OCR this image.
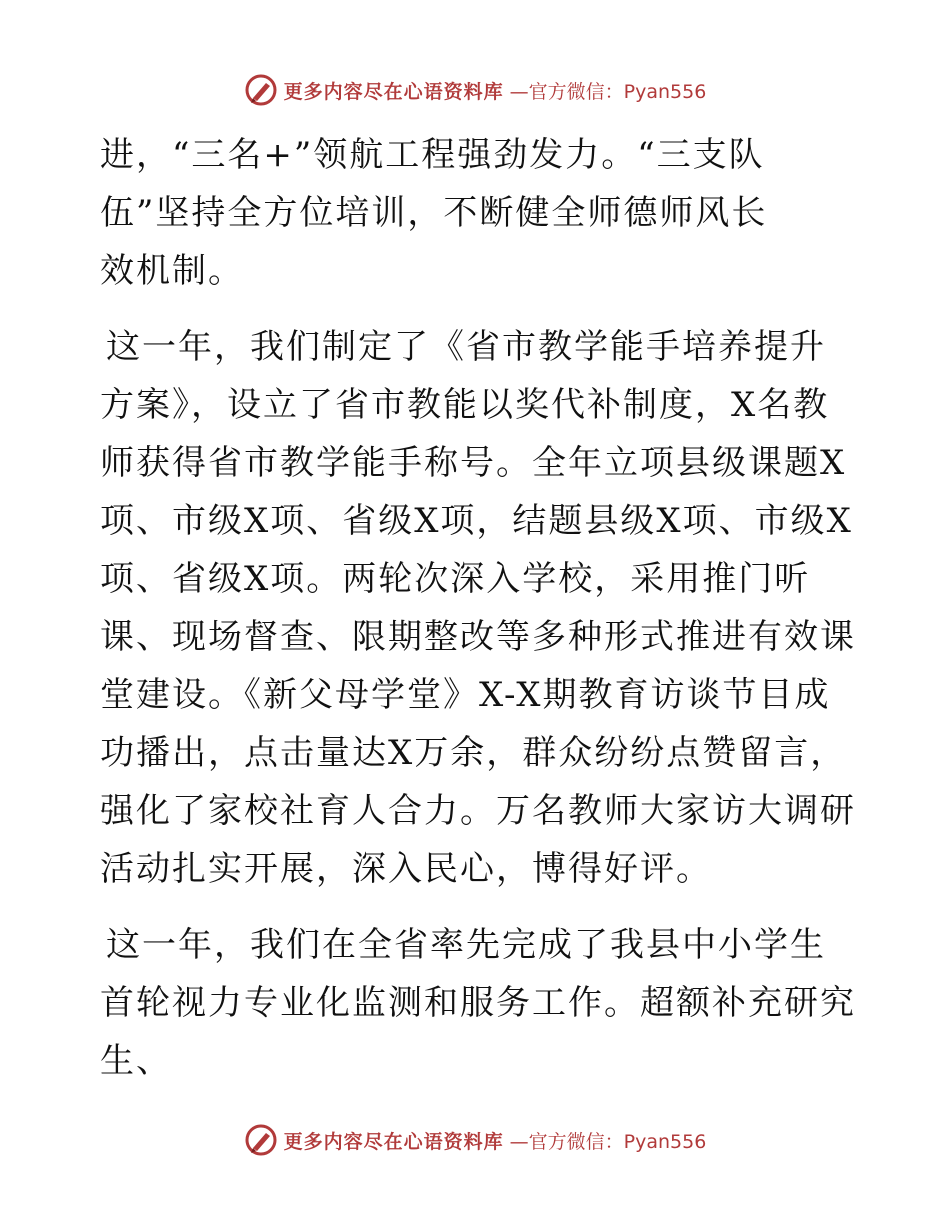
更多内容尽在心语资料库 —官方微信：Pyan556

进，“三名+”领航工程强劲发力。“三支队伍”坚持全方位培训，不断健全师德师风长效机制。

这一年，我们制定了《省市教学能手培养提升方案》，设立了省市教能以奖代补制度，X名教师获得省市教学能手称号。全年立项县级课题X项、市级X项、省级X项，结题县级X项、市级X项、省级X项。两轮次深入学校，采用推门听课、现场督查、限期整改等多种形式推进有效课堂建设。《新父母学堂》X-X期教育访谈节目成功播出，点击量达X万余，群众纷纷点赞留言，强化了家校社育人合力。万名教师大家访大调研活动扎实开展，深入民心，博得好评。

这一年，我们在全省率先完成了我县中小学生首轮视力专业化监测和服务工作。超额补充研究生、

更多内容尽在心语资料库 —官方微信：Pyan556
